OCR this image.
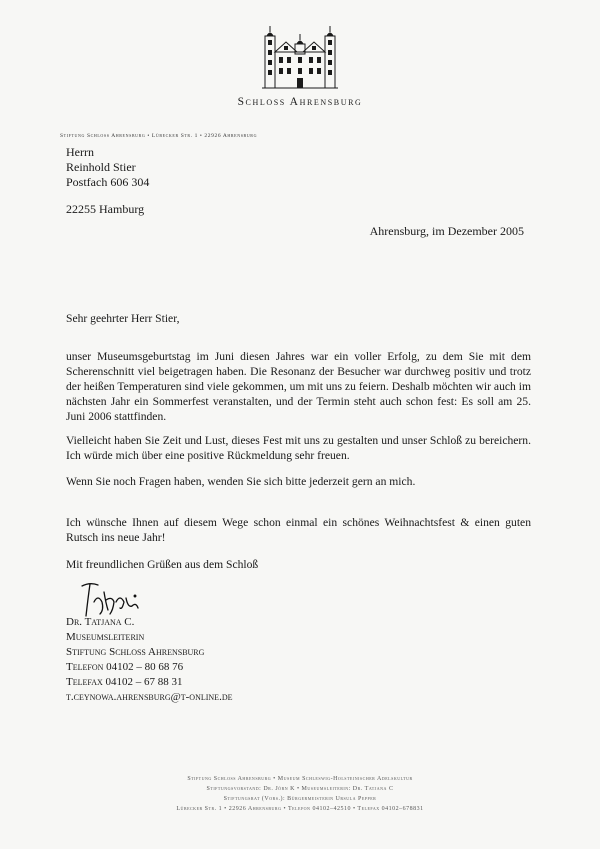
Schloss Ahrensburg
Stiftung Schloss Ahrensburg • Lübecker Str. 1 • 22926 Ahrensburg
Herrn
Reinhold Stier
Postfach 606 304
22255 Hamburg
Ahrensburg, im Dezember 2005
Sehr geehrter Herr Stier,
unser Museumsgeburtstag im Juni diesen Jahres war ein voller Erfolg, zu dem Sie mit dem Scherenschnitt viel beigetragen haben. Die Resonanz der Besucher war durchweg positiv und trotz der heißen Temperaturen sind viele gekommen, um mit uns zu feiern. Deshalb möchten wir auch im nächsten Jahr ein Sommerfest veranstalten, und der Termin steht auch schon fest: Es soll am 25. Juni 2006 stattfinden.
Vielleicht haben Sie Zeit und Lust, dieses Fest mit uns zu gestalten und unser Schloß zu bereichern. Ich würde mich über eine positive Rückmeldung sehr freuen.
Wenn Sie noch Fragen haben, wenden Sie sich bitte jederzeit gern an mich.
Ich wünsche Ihnen auf diesem Wege schon einmal ein schönes Weihnachtsfest & einen guten Rutsch ins neue Jahr!
Mit freundlichen Grüßen aus dem Schloß
Dr. Tatjana C.
Museumsleiterin
Stiftung Schloss Ahrensburg
Telefon 04102 – 80 68 76
Telefax 04102 – 67 88 31
t.ceynowa.ahrensburg@t-online.de
Stiftung Schloss Ahrensburg • Museum Schleswig-Holsteinischer Adelskultur
Stiftungsvorstand: Dr. Jörn K • Museumsleiterin: Dr. Tatjana C
Stiftungsrat (Vors.): Bürgermeisterin Ursula Pepper
Lübecker Str. 1 • 22926 Ahrensburg • Telefon 04102–42510 • Telefax 04102–678831
